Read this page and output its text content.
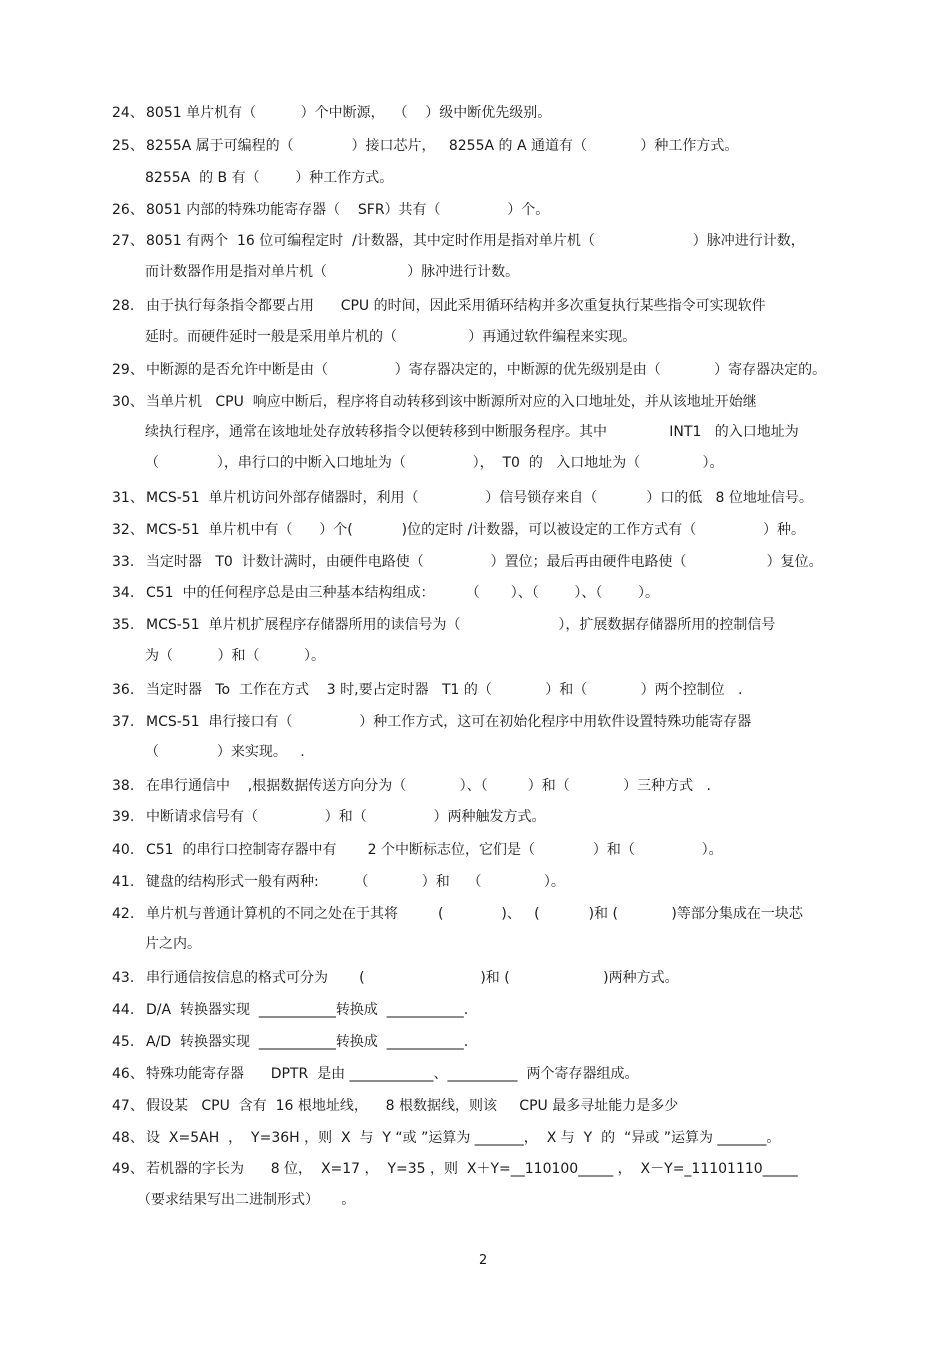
24、 8051 单片机有（          ）个中断源，  （    ）级中断优先级别。
25、 8255A 属于可编程的（             ）接口芯片，   8255A 的 A 通道有（            ）种工作方式。
8255A  的 B 有（        ）种工作方式。
26、 8051 内部的特殊功能寄存器（    SFR）共有（               ）个。
27、 8051 有两个  16 位可编程定时  /计数器，其中定时作用是指对单片机（                      ）脉冲进行计数，
而计数器作用是指对单片机（                  ）脉冲进行计数。
28. 由于执行每条指令都要占用      CPU 的时间，因此采用循环结构并多次重复执行某些指令可实现软件
延时。而硬件延时一般是采用单片机的（                ）再通过软件编程来实现。
29、 中断源的是否允许中断是由（               ）寄存器决定的，中断源的优先级别是由（            ）寄存器决定的。
30、 当单片机   CPU  响应中断后，程序将自动转移到该中断源所对应的入口地址处，并从该地址开始继
续执行程序，通常在该地址处存放转移指令以便转移到中断服务程序。其中              INT1   的入口地址为
（             ），串行口的中断入口地址为（               ），  T0  的   入口地址为（              ）。
31、 MCS-51  单片机访问外部存储器时，利用（               ）信号锁存来自（           ）口的低   8 位地址信号。
32、 MCS-51  单片机中有（      ）个(           )位的定时 /计数器，可以被设定的工作方式有（               ）种。
33. 当定时器   T0  计数计满时，由硬件电路使（               ）置位；最后再由硬件电路使（                  ）复位。
34. C51  中的任何程序总是由三种基本结构组成：       （       ）、（        ）、（        ）。
35. MCS-51  单片机扩展程序存储器所用的读信号为（                      ），扩展数据存储器所用的控制信号
为（          ）和（          ）。
36. 当定时器   To  工作在方式    3 时,要占定时器   T1 的（            ）和（            ）两个控制位   .
37. MCS-51  串行接口有（               ）种工作方式，这可在初始化程序中用软件设置特殊功能寄存器
（             ）来实现。   .
38. 在串行通信中    ,根据数据传送方向分为（            ）、（         ）和（            ）三种方式   .
39. 中断请求信号有（               ）和（               ）两种触发方式。
40. C51  的串行口控制寄存器中有       2 个中断标志位，它们是（             ）和（               ）。
41. 键盘的结构形式一般有两种:        （            ）和    （              ）。
42. 单片机与普通计算机的不同之处在于其将         (             )、   (           )和 (            )等部分集成在一块芯
片之内。
43. 串行通信按信息的格式可分为       (                          )和 (                     )两种方式。
44. D/A  转换器实现  ___________转换成  ___________.
45. A/D  转换器实现  ___________转换成  ___________.
46、 特殊功能寄存器      DPTR  是由 ____________、__________  两个寄存器组成。
47、 假设某   CPU  含有  16 根地址线，    8 根数据线，则该     CPU 最多寻址能力是多少
48、 设  X=5AH  ，  Y=36H ，则  X  与  Y “或 ”运算为 _______，  X 与  Y  的  “异或 ”运算为 _______。
49、 若机器的字长为      8 位，  X=17 ，  Y=35 ，则  X＋Y=__110100_____ ，  X－Y=_11101110_____
（要求结果写出二进制形式）     。
2
